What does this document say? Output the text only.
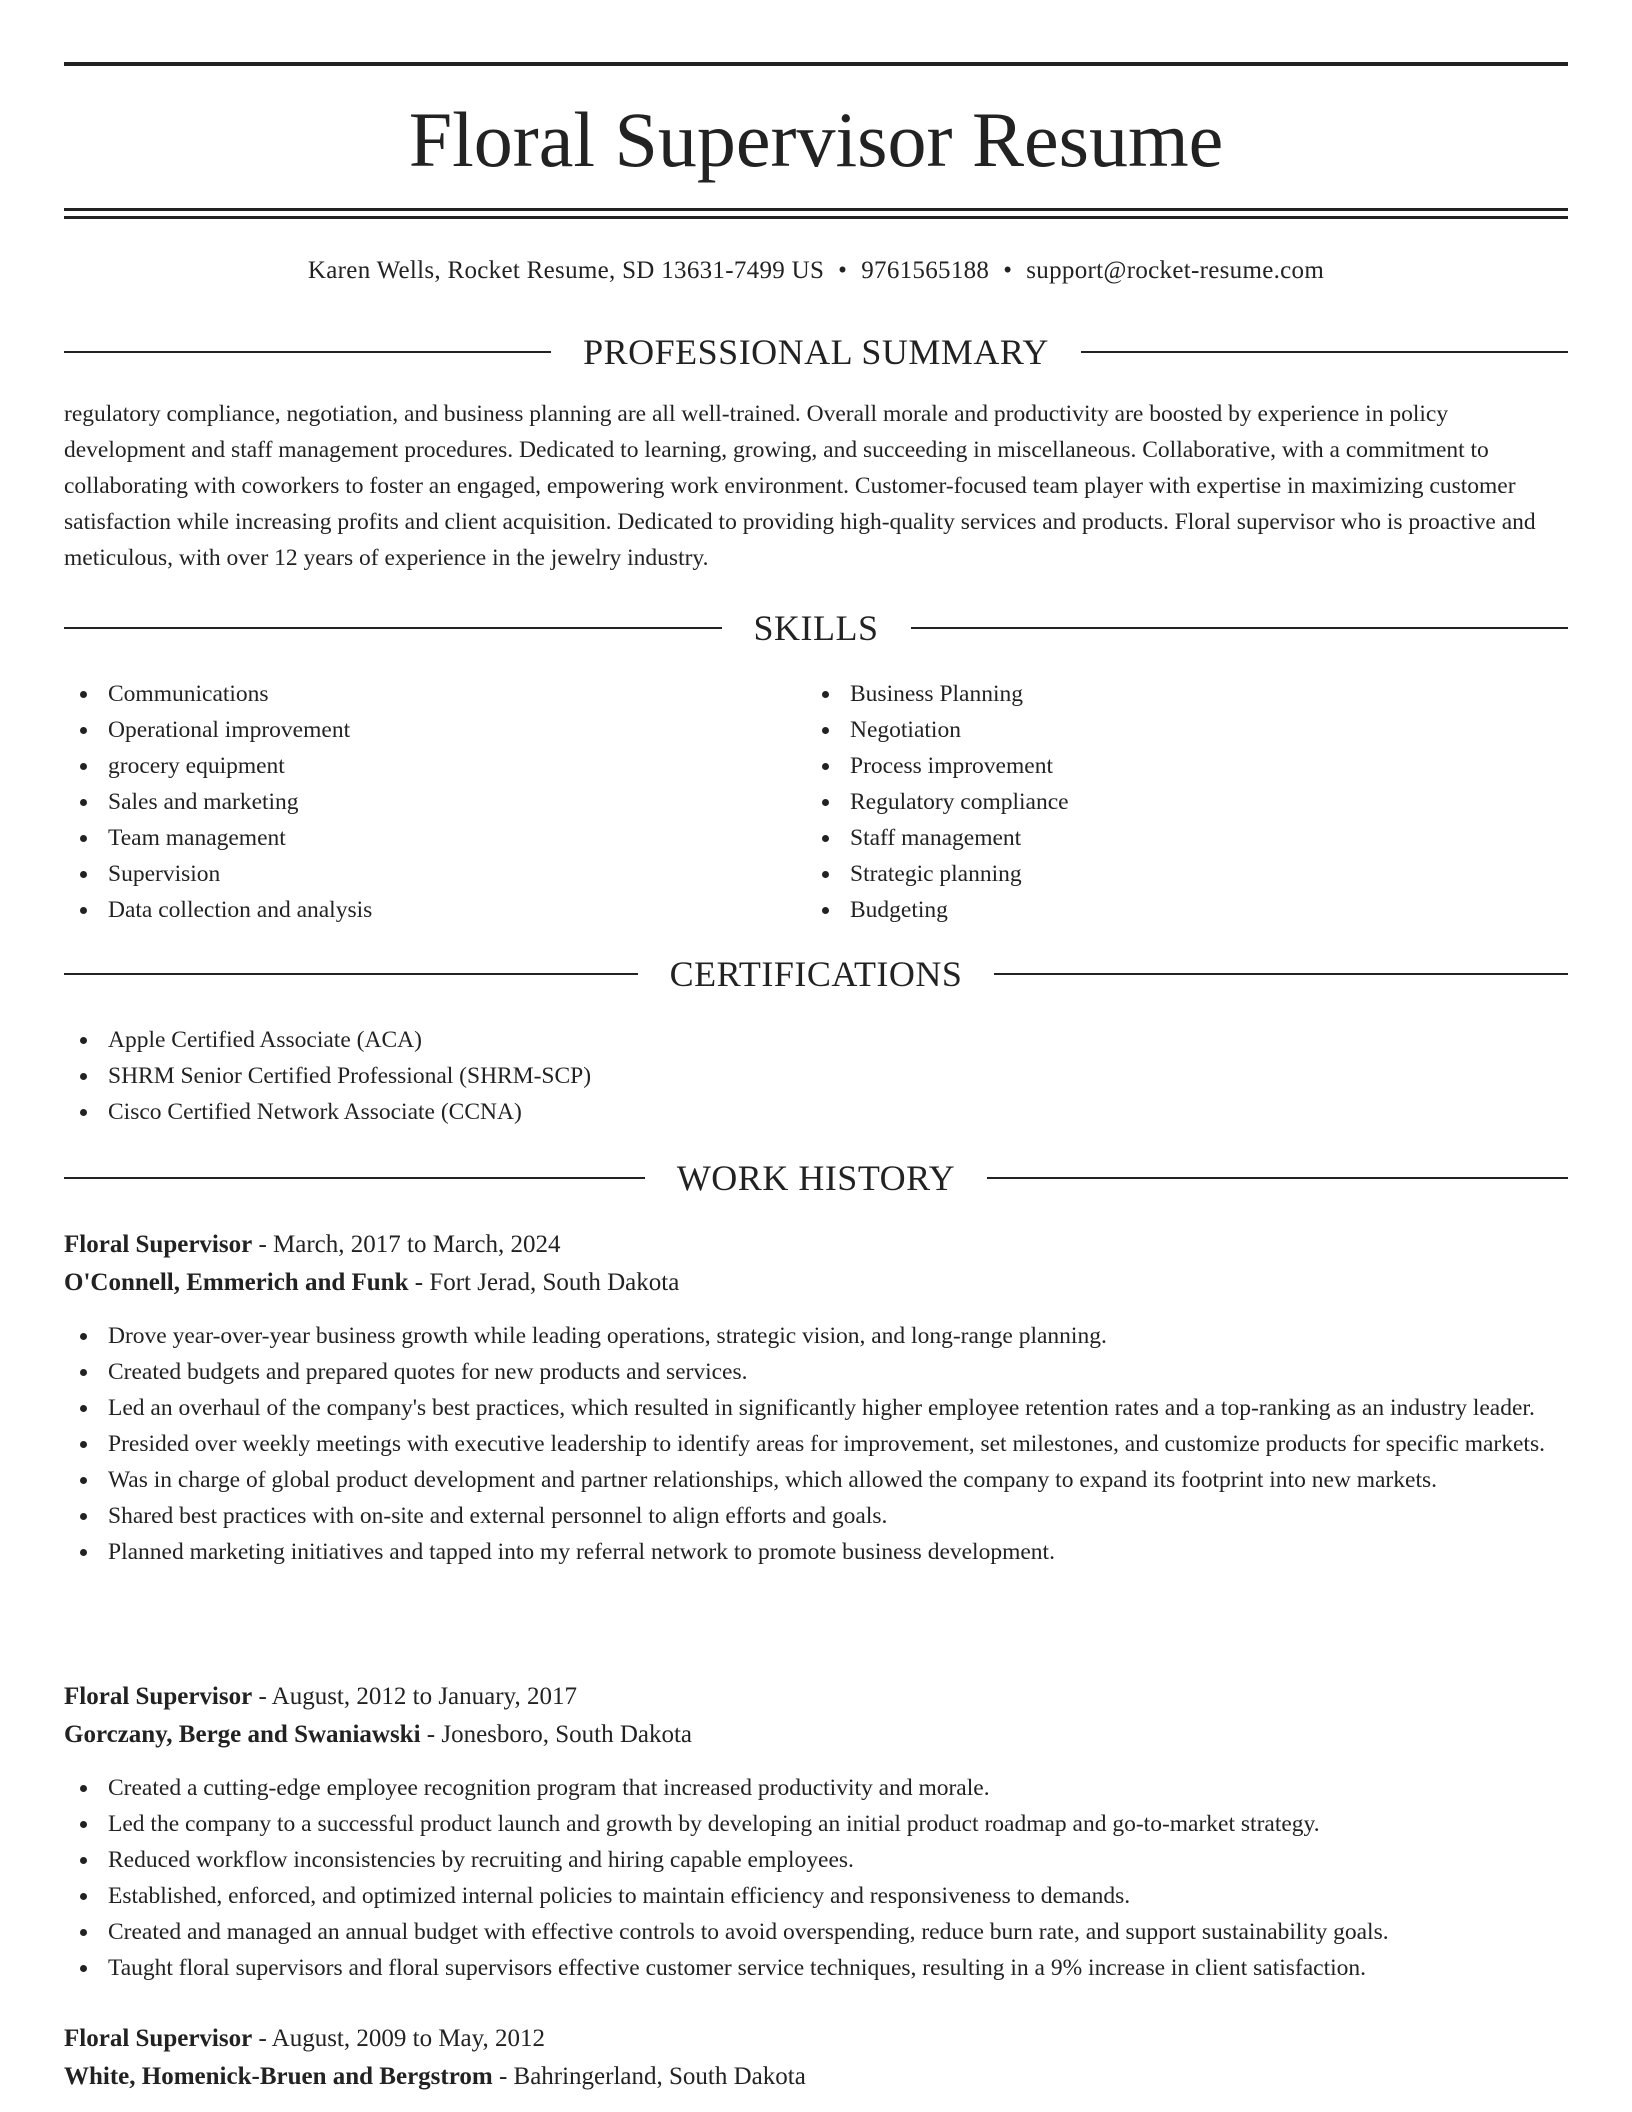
Floral Supervisor Resume
Karen Wells, Rocket Resume, SD 13631-7499 US • 9761565188 • support@rocket-resume.com
PROFESSIONAL SUMMARY

regulatory compliance, negotiation, and business planning are all well-trained. Overall morale and productivity are boosted by experience in policy development and staff management procedures. Dedicated to learning, growing, and succeeding in miscellaneous. Collaborative, with a commitment to collaborating with coworkers to foster an engaged, empowering work environment. Customer-focused team player with expertise in maximizing customer satisfaction while increasing profits and client acquisition. Dedicated to providing high-quality services and products. Floral supervisor who is proactive and meticulous, with over 12 years of experience in the jewelry industry.

SKILLS
Communications
Operational improvement
grocery equipment
Sales and marketing
Team management
Supervision
Data collection and analysis
Business Planning
Negotiation
Process improvement
Regulatory compliance
Staff management
Strategic planning
Budgeting
CERTIFICATIONS
Apple Certified Associate (ACA)
SHRM Senior Certified Professional (SHRM-SCP)
Cisco Certified Network Associate (CCNA)
WORK HISTORY
Floral Supervisor - March, 2017 to March, 2024
O'Connell, Emmerich and Funk - Fort Jerad, South Dakota
Drove year-over-year business growth while leading operations, strategic vision, and long-range planning.
Created budgets and prepared quotes for new products and services.
Led an overhaul of the company's best practices, which resulted in significantly higher employee retention rates and a top-ranking as an industry leader.
Presided over weekly meetings with executive leadership to identify areas for improvement, set milestones, and customize products for specific markets.
Was in charge of global product development and partner relationships, which allowed the company to expand its footprint into new markets.
Shared best practices with on-site and external personnel to align efforts and goals.
Planned marketing initiatives and tapped into my referral network to promote business development.
Floral Supervisor - August, 2012 to January, 2017
Gorczany, Berge and Swaniawski - Jonesboro, South Dakota
Created a cutting-edge employee recognition program that increased productivity and morale.
Led the company to a successful product launch and growth by developing an initial product roadmap and go-to-market strategy.
Reduced workflow inconsistencies by recruiting and hiring capable employees.
Established, enforced, and optimized internal policies to maintain efficiency and responsiveness to demands.
Created and managed an annual budget with effective controls to avoid overspending, reduce burn rate, and support sustainability goals.
Taught floral supervisors and floral supervisors effective customer service techniques, resulting in a 9% increase in client satisfaction.
Floral Supervisor - August, 2009 to May, 2012
White, Homenick-Bruen and Bergstrom - Bahringerland, South Dakota
